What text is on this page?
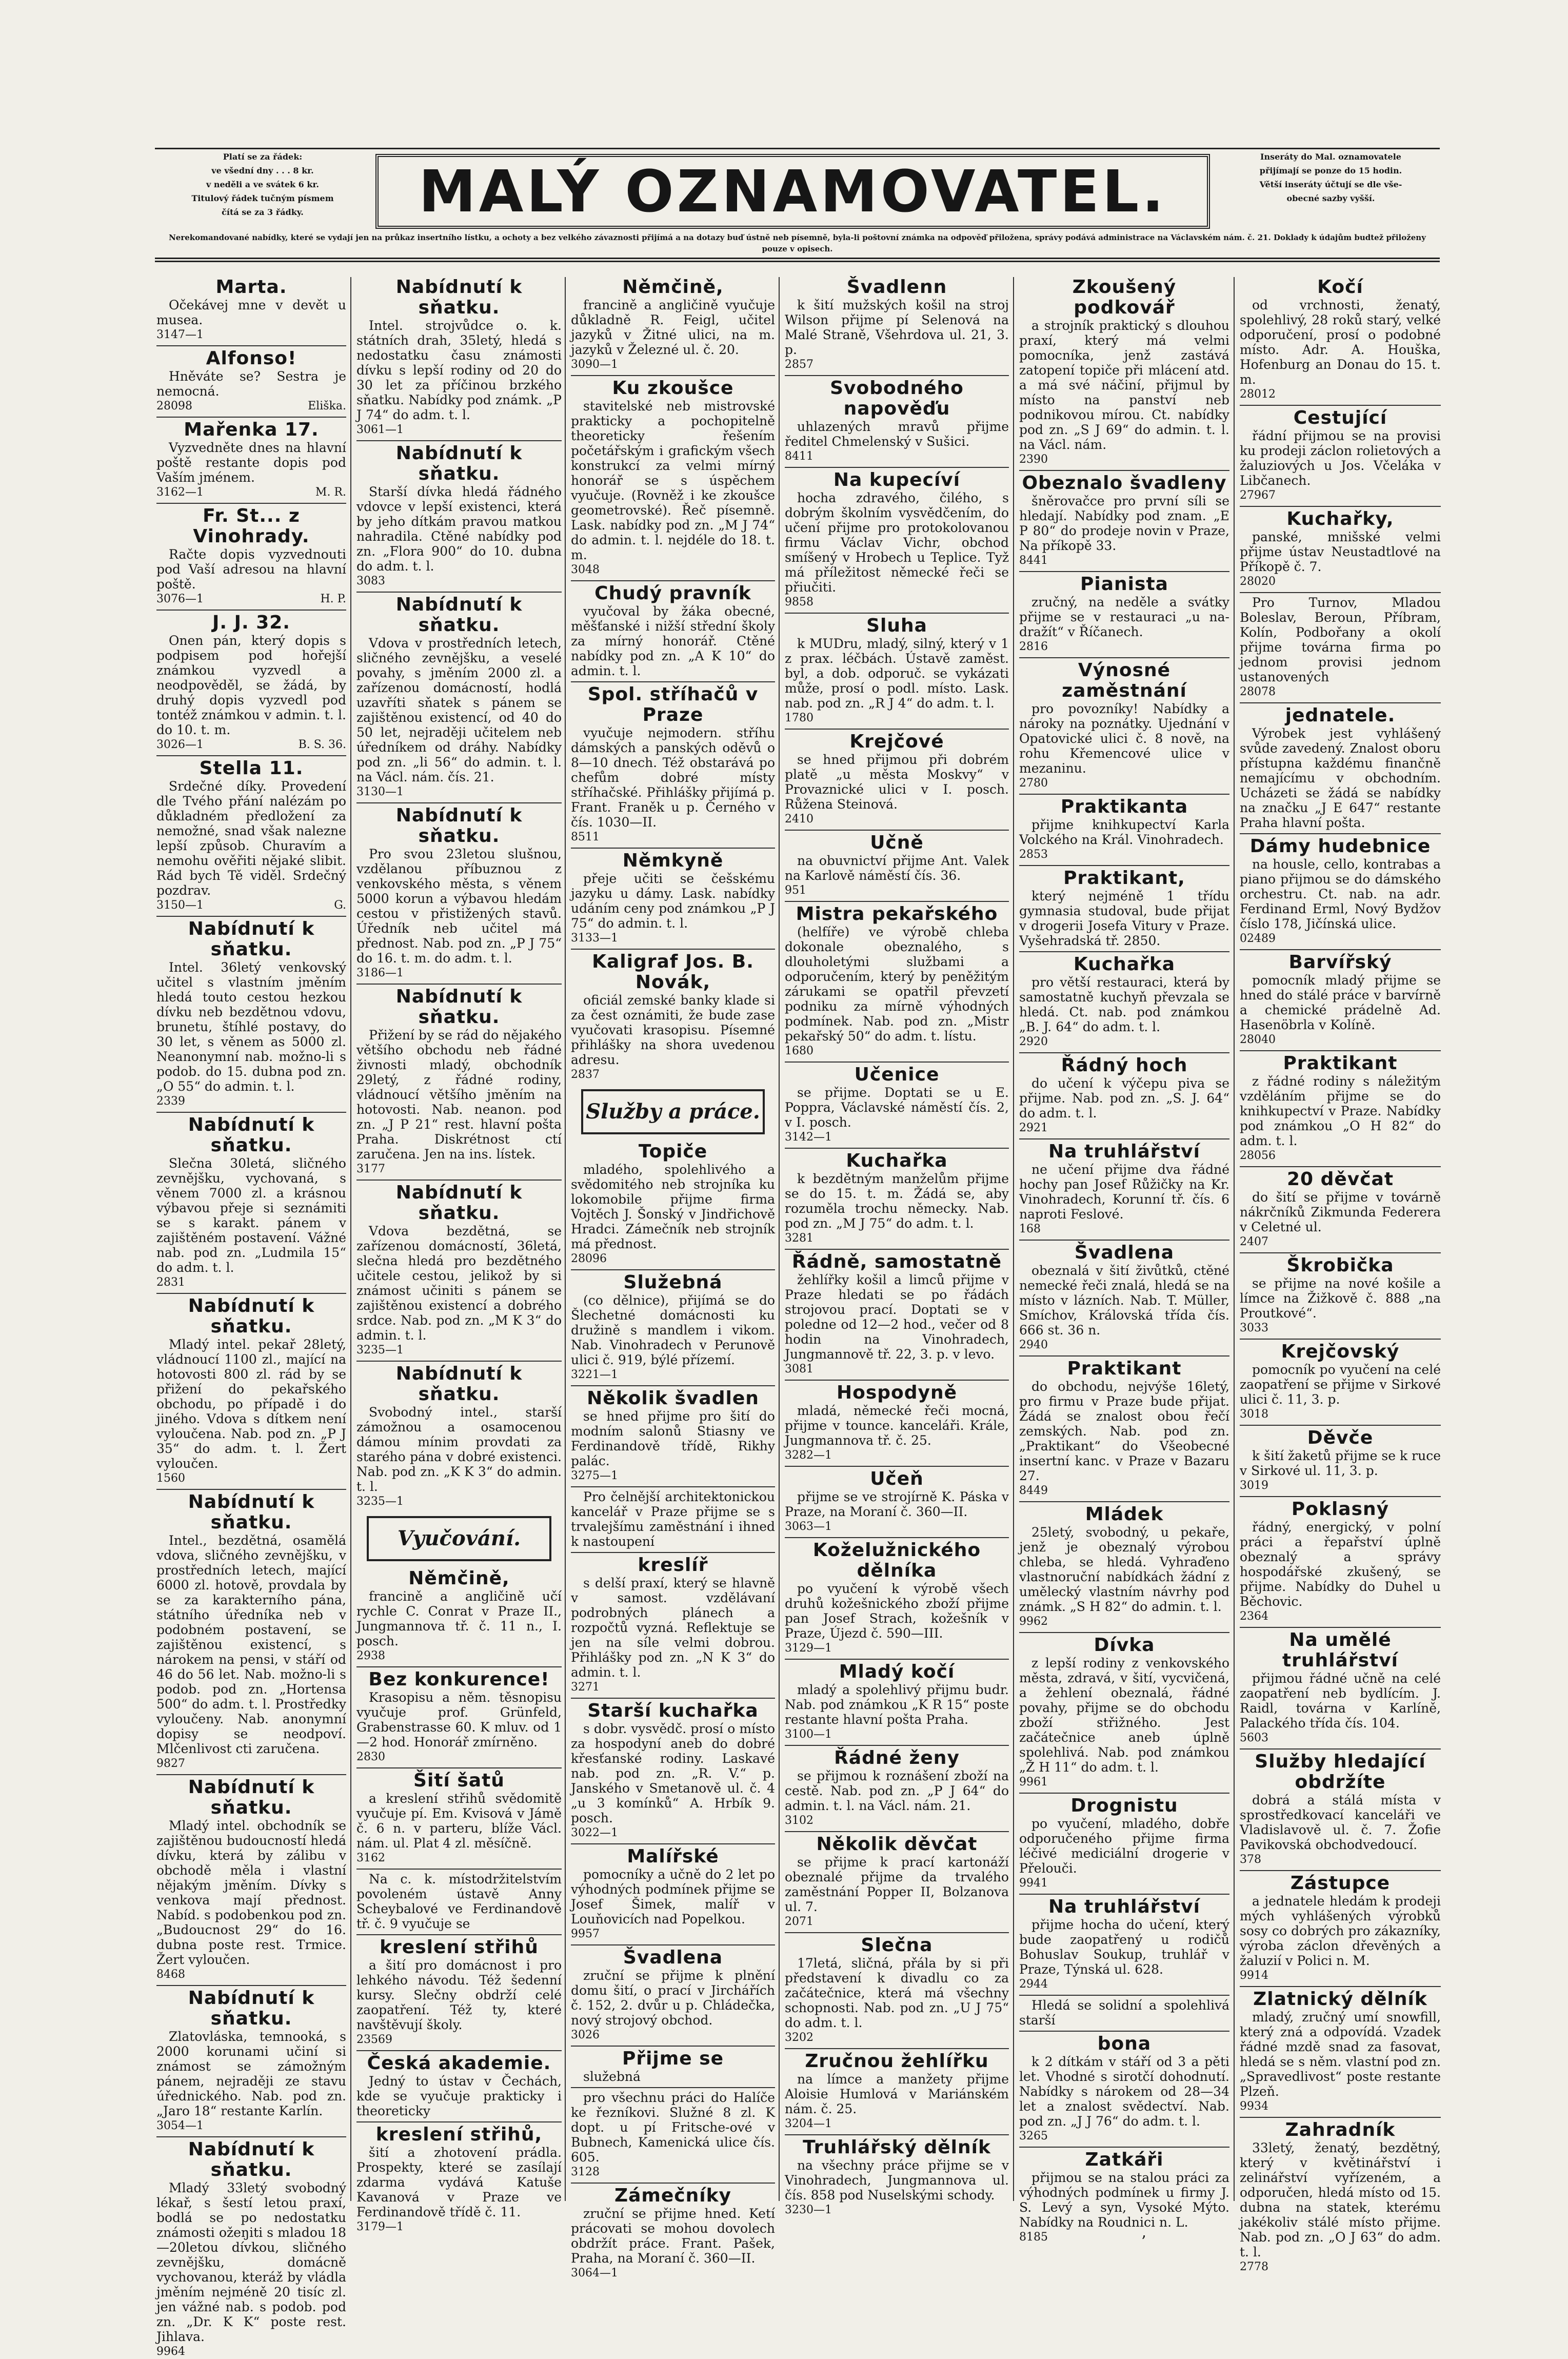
Platí se za řádek:
ve všední dny . . . 8 kr.
v neděli a ve svátek 6 kr.
Titulový řádek tučným písmem
čítá se za 3 řádky.	MALÝ OZNAMOVATEL.
Inseráty do Mal. oznamovatele
přijímají se ponze do 15 hodin.
Větší inseráty účtují se dle vše-
obecné sazby vyšší.
Nerekomandované nabídky, které se vydají jen na průkaz insertního lístku, a ochoty a bez velkého závaznosti přijímá a na dotazy buď ústně neb písemně, byla-li poštovní známka na odpověď přiložena, správy podává administrace na Václavském nám. č. 21. Doklady k údajům budtež přiloženy pouze v opisech.
Marta.

Očekávej mne v devět u musea.

3147—1
Alfonso!

Hněváte se? Sestra je nemocná.

28098	Eliška.
Mařenka 17.

Vyzvedněte dnes na hlavní poště restante dopis pod Vaším jménem.

3162—1	M. R.
Fr. St... z Vinohrady.

Račte dopis vyzvednouti pod Vaší adresou na hlavní poště.

3076—1	H. P.
J. J. 32.

Onen pán, který dopis s podpisem pod hořejší známkou vyzvedl a neodpověděl, se žádá, by druhý dopis vyzvedl pod tontéž známkou v admin. t. l. do 10. t. m.

3026—1	B. S. 36.
Stella 11.

Srdečné díky. Provedení dle Tvého přání nalézám po důkladném předložení za nemožné, snad však nalezne lepší způsob. Churavím a nemohu ověřiti nějaké slibit. Rád bych Tě viděl. Srdečný pozdrav.

3150—1	G.
Nabídnutí k sňatku.

Intel. 36letý venkovský učitel s vlastním jměním hledá touto cestou hezkou dívku neb bezdětnou vdovu, brunetu, štíhlé postavy, do 30 let, s věnem as 5000 zl. Neanonymní nab. možno-li s podob. do 15. dubna pod zn. „O 55“ do admin. t. l.

2339
Nabídnutí k sňatku.

Slečna 30letá, sličného zevnějšku, vychovaná, s věnem 7000 zl. a krásnou výbavou přeje si seznámiti se s karakt. pánem v zajištěném postavení. Vážné nab. pod zn. „Ludmila 15“ do adm. t. l.

2831
Nabídnutí k sňatku.

Mladý intel. pekař 28letý, vládnoucí 1100 zl., mající na hotovosti 800 zl. rád by se přižení do pekařského obchodu, po případě i do jiného. Vdova s dítkem není vyloučena. Nab. pod zn. „P J 35“ do adm. t. l. Žert vyloučen.

1560
Nabídnutí k sňatku.

Intel., bezdětná, osamělá vdova, sličného zevnějšku, v prostředních letech, mající 6000 zl. hotově, provdala by se za karakterního pána, státního úředníka neb v podobném postavení, se zajištěnou existencí, s nárokem na pensi, v stáří od 46 do 56 let. Nab. možno-li s podob. pod zn. „Hortensa 500“ do adm. t. l. Prostředky vyloučeny. Nab. anonymní dopisy se neodpoví. Mlčenlivost cti zaručena.

9827
Nabídnutí k sňatku.

Mladý intel. obchodník se zajištěnou budoucností hledá dívku, která by zálibu v obchodě měla i vlastní nějakým jměním. Dívky s venkova mají přednost. Nabíd. s podobenkou pod zn. „Budoucnost 29“ do 16. dubna poste rest. Trmice. Žert vyloučen.

8468
Nabídnutí k sňatku.

Zlatovláska, temnooká, s 2000 korunami učiní si známost se zámožným pánem, nejraději ze stavu úřednického. Nab. pod zn. „Jaro 18“ restante Karlín.

3054—1
Nabídnutí k sňatku.

Mladý 33letý svobodný lékař, s šestí letou praxí, bodlá se po nedostatku známosti ožeŋiti s mladou 18—20letou dívkou, sličného zevnějšku, domácně vychovanou, kteráž by vládla jměním nejméně 20 tisíc zl. jen vážné nab. s podob. pod zn. „Dr. K K“ poste rest. Jihlava.

9964
Nabídnutí k sňatku.

Intel. strojvůdce o. k. státních drah, 35letý, hledá s nedostatku času známosti dívku s lepší rodiny od 20 do 30 let za příčinou brzkého sňatku. Nabídky pod známk. „P J 74“ do adm. t. l.

3061—1
Nabídnutí k sňatku.

Starší dívka hledá řádného vdovce v lepší existenci, která by jeho dítkám pravou matkou nahradila. Ctěné nabídky pod zn. „Flora 900“ do 10. dubna do adm. t. l.

3083
Nabídnutí k sňatku.

Vdova v prostředních letech, sličného zevnějšku, a veselé povahy, s jměním 2000 zl. a zařízenou domácností, hodlá uzavříti sňatek s pánem se zajištěnou existencí, od 40 do 50 let, nejraději učitelem neb úředníkem od dráhy. Nabídky pod zn. „li 56“ do admin. t. l. na Václ. nám. čís. 21.

3130—1
Nabídnutí k sňatku.

Pro svou 23letou slušnou, vzdělanou příbuznou z venkovského města, s věnem 5000 korun a výbavou hledám cestou v přistižených stavů. Úředník neb učitel má přednost. Nab. pod zn. „P J 75“ do 16. t. m. do adm. t. l.

3186—1
Nabídnutí k sňatku.

Přižení by se rád do nějakého většího obchodu neb řádné živnosti mladý, obchodník 29letý, z řádné rodiny, vládnoucí většího jměním na hotovosti. Nab. neanon. pod zn. „J P 21“ rest. hlavní pošta Praha. Diskrétnost ctí zaručena. Jen na ins. lístek.

3177
Nabídnutí k sňatku.

Vdova bezdětná, se zařízenou domácností, 36letá, slečna hledá pro bezdětného učitele cestou, jelikož by si známost učiniti s pánem se zajištěnou existencí a dobrého srdce. Nab. pod zn. „M K 3“ do admin. t. l.

3235—1
Nabídnutí k sňatku.

Svobodný intel., starší zámožnou a osamocenou dámou mínim provdati za starého pána v dobré existenci. Nab. pod zn. „K K 3“ do admin. t. l.

3235—1
Vyučování.
Němčině,

francině a angličině učí rychle C. Conrat v Praze II., Jungmannova tř. č. 11 n., I. posch.

2938
Bez konkurence!

Krasopisu a něm. těsnopisu vyučuje prof. Grünfeld, Grabenstrasse 60. K mluv. od 1—2 hod. Honorář zmírněno.

2830
Šití šatů

a kreslení střihů svědomitě vyučuje pí. Em. Kvisová v Jámě č. 6 n. v parteru, blíže Václ. nám. ul. Plat 4 zl. měsíčně.

3162

Na c. k. místodržitelstvím povoleném ústavě Anny Scheybalové ve Ferdinandově tř. č. 9 vyučuje se

kreslení střihů

a šití pro domácnost i pro lehkého návodu. Též šedenní kursy. Slečny obdrží celé zaopatření. Též ty, které navštěvují školy.

23569
Česká akademie.

Jedný to ústav v Čechách, kde se vyučuje prakticky i theoreticky

kreslení střihů,

šití a zhotovení prádla. Prospekty, které se zasílají zdarma vydává Katuše Kavanová v Praze ve Ferdinandově třídě č. 11.

3179—1
Němčině,

francině a angličině vyučuje důkladně R. Feigl, učitel jazyků v Žitné ulici, na m. jazyků v Železné ul. č. 20.

3090—1
Ku zkoušce

stavitelské neb mistrovské prakticky a pochopitelně theoreticky řešením početářským i grafickým všech konstrukcí za velmi mírný honorář se s úspěchem vyučuje. (Rovněž i ke zkoušce geometrovské). Řeč písemně. Lask. nabídky pod zn. „M J 74“ do admin. t. l. nejdéle do 18. t. m.

3048
Chudý pravník

vyučoval by žáka obecné, měšťanské i nižší střední školy za mírný honorář. Ctěné nabídky pod zn. „A K 10“ do admin. t. l.

Spol. stříhačů v Praze

vyučuje nejmodern. stříhu dámských a panských oděvů o 8—10 dnech. Též obstarává po chefům dobré místy stříhačské. Přihlášky přijímá p. Frant. Franěk u p. Černého v čís. 1030—II.

8511
Němkyně

přeje učiti se češskému jazyku u dámy. Lask. nabídky udáním ceny pod známkou „P J 75“ do admin. t. l.

3133—1
Kaligraf Jos. B. Novák,

oficiál zemské banky klade si za čest oznámiti, že bude zase vyučovati krasopisu. Písemné přihlášky na shora uvedenou adresu.

2837
Služby a práce.
Topiče

mladého, spolehlivého a svědomitého neb strojníka ku lokomobile přijme firma Vojtěch J. Šonský v Jindřichově Hradci. Zámečník neb strojník má přednost.

28096
Služebná

(co dělnice), přijímá se do Šlechetné domácnosti ku družině s mandlem i vikom. Nab. Vinohradech v Perunově ulici č. 919, býlé přízemí.

3221—1
Několik švadlen

se hned přijme pro šití do modním salonů Stiasny ve Ferdinandově třídě, Rikhy palác.

3275—1

Pro čelnější architektonickou kancelář v Praze přijme se s trvalejšímu zaměstnání i ihned k nastoupení

kreslíř

s delší praxí, který se hlavně v samost. vzdělávaní podrobných plánech a rozpočtů vyzná. Reflektuje se jen na síle velmi dobrou. Přihlášky pod zn. „N K 3“ do admin. t. l.

3271
Starší kuchařka

s dobr. vysvědč. prosí o místo za hospodyní aneb do dobré křesťanské rodiny. Laskavé nab. pod zn. „R. V.“ p. Janského v Smetanově ul. č. 4 „u 3 komínků“ A. Hrbík 9. posch.

3022—1
Malířské

pomocníky a učně do 2 let po výhodných podmínek přijme se Josef Šimek, malíř v Louňovicích nad Popelkou.

9957
Švadlena

zruční se přijme k plnění domu šití, o prací v Jirchářích č. 152, 2. dvůr u p. Chládečka, nový strojový obchod.

3026
Přijme se

služebná

pro všechnu práci do Halíče ke řezníkovi. Služné 8 zl. K dopt. u pí Fritsche-ové v Bubnech, Kamenická ulice čís. 605.

3128
Zámečníky

zruční se přijme hned. Ketí prácovati se mohou dovolech obdržít práce. Frant. Pašek, Praha, na Moraní č. 360—II.

3064—1
Švadlenn

k šití mužských košil na stroj Wilson přijme pí Selenová na Malé Straně, Všehrdova ul. 21, 3. p.

2857
Svobodného napověďu

uhlazených mravů přijme ředitel Chmelenský v Sušici.

8411
Na kupecíví

hocha zdravého, čilého, s dobrým školním vysvědčením, do učení přijme pro protokolovanou firmu Václav Vichr, obchod smíšený v Hrobech u Teplice. Tyž má příležitost německé řeči se přiučiti.

9858
Sluha

k MUDru, mladý, silný, který v 1 z prax. léčbách. Ústavě zaměst. byl, a dob. odporuč. se vykázati může, prosí o podl. místo. Lask. nab. pod zn. „R J 4“ do adm. t. l.

1780
Krejčové

se hned přijmou při dobrém platě „u města Moskvy“ v Provaznické ulici v I. posch. Růžena Steinová.

2410
Učně

na obuvnictví přijme Ant. Valek na Karlově náměstí čís. 36.

951
Mistra pekařského

(helfíře) ve výrobě chleba dokonale obeznalého, s dlouholetými službami a odporučením, který by peněžitým zárukami se opatřil převzetí podniku za mírně výhodných podmínek. Nab. pod zn. „Mistr pekařský 50“ do adm. t. lístu.

1680
Učenice

se přijme. Doptati se u E. Poppra, Václavské náměstí čís. 2, v I. posch.

3142—1
Kuchařka

k bezdětným manželům přijme se do 15. t. m. Žádá se, aby rozuměla trochu německy. Nab. pod zn. „M J 75“ do adm. t. l.

3281
Řádně, samostatně

žehlířky košil a limců přijme v Praze hledati se po řádách strojovou prací. Doptati se v poledne od 12—2 hod., večer od 8 hodin na Vinohradech, Jungmannově tř. 22, 3. p. v levo.

3081
Hospodyně

mladá, německé řeči mocná, přijme v tounce. kanceláři. Krále, Jungmannova tř. č. 25.

3282—1
Učeň

přijme se ve strojírně K. Páska v Praze, na Moraní č. 360—II.

3063—1
Koželužnického dělníka

po vyučení k výrobě všech druhů kožešnického zboží přijme pan Josef Strach, kožešník v Praze, Újezd č. 590—III.

3129—1
Mladý kočí

mladý a spolehlivý přijmu budr. Nab. pod známkou „K R 15“ poste restante hlavní pošta Praha.

3100—1
Řádné ženy

se přijmou k roznášení zboží na cestě. Nab. pod zn. „P J 64“ do admin. t. l. na Václ. nám. 21.

3102
Několik děvčat

se přijme k prací kartonáží obeznalé přijme da trvalého zaměstnání Popper II, Bolzanova ul. 7.

2071
Slečna

17letá, sličná, přála by si při představení k divadlu co za začátečnice, která má všechny schopnosti. Nab. pod zn. „U J 75“ do adm. t. l.

3202
Zručnou žehlířku

na límce a manžety přijme Aloisie Humlová v Mariánském nám. č. 25.

3204—1
Truhlářský dělník

na všechny práce přijme se v Vinohradech, Jungmannova ul. čís. 858 pod Nuselskými schody.

3230—1
Zkoušený podkovář

a strojník praktický s dlouhou praxí, který má velmi pomocníka, jenž zastává zatopení topiče při mlácení atd. a má své náčiní, přijmul by místo na panství neb podnikovou mírou. Ct. nabídky pod zn. „S J 69“ do admin. t. l. na Václ. nám.

2390
Obeznalo švadleny

šněrovačce pro první síli se hledají. Nabídky pod znam. „E P 80“ do prodeje novin v Praze, Na příkopě 33.

8441
Pianista

zručný, na neděle a svátky přijme se v restauraci „u na- dražít“ v Říčanech.

2816
Výnosné zaměstnání

pro povozníky! Nabídky a nároky na poznátky. Ujednání v Opatovické ulici č. 8 nově, na rohu Křemencové ulice v mezaninu.

2780
Praktikanta

přijme knihkupectví Karla Volckého na Král. Vinohradech.

2853
Praktikant,

který nejméně 1 třídu gymnasia studoval, bude přijat v drogerii Josefa Vitury v Praze. Vyšehradská tř. 2850.

Kuchařka

pro větší restauraci, která by samostatně kuchyň převzala se hledá. Ct. nab. pod známkou „B. J. 64“ do adm. t. l.

2920
Řádný hoch

do učení k výčepu piva se přijme. Nab. pod zn. „S. J. 64“ do adm. t. l.

2921
Na truhlářství

ne učení přijme dva řádné hochy pan Josef Růžičky na Kr. Vinohradech, Korunní tř. čís. 6 naproti Feslové.

168
Švadlena

obeznalá v šití živůtků, ctěné nemecké řeči znalá, hledá se na místo v lázních. Nab. T. Müller, Smíchov, Královská třída čís. 666 st. 36 n.

2940
Praktikant

do obchodu, nejvýše 16letý, pro firmu v Praze bude přijat. Žádá se znalost obou řečí zemských. Nab. pod zn. „Praktikant“ do Všeobecné insertní kanc. v Praze v Bazaru 27.

8449
Mládek

25letý, svobodný, u pekaře, jenž je obeznalý výrobou chleba, se hledá. Vyhraďeno vlastnoruční nabídkách žádní z umělecký vlastním návrhy pod známk. „S H 82“ do admin. t. l.

9962
Dívka

z lepší rodiny z venkovského města, zdravá, v šití, vycvičená, a žehlení obeznalá, řádné povahy, přijme se do obchodu zboží střižného. Jest začátečnice aneb úplně spolehlivá. Nab. pod známkou „Ž H 11“ do adm. t. l.

9961
Drognistu

po vyučení, mladého, dobře odporučeného přijme firma léčivé mediciální drogerie v Přelouči.

9941
Na truhlářství

přijme hocha do učení, který bude zaopatřený u rodičů Bohuslav Soukup, truhlář v Praze, Týnská ul. 628.

2944

Hledá se solidní a spolehlivá starší

bona

k 2 dítkám v stáří od 3 a pěti let. Vhodné s sirotčí dohodnutí. Nabídky s nárokem od 28—34 let a znalost svědectví. Nab. pod zn. „J J 76“ do adm. t. l.

3265
Zatkáři

přijmou se na stalou práci za výhodných podmínek u firmy J. S. Levý a syn, Vysoké Mýto. Nabídky na Roudnici n. L.

8185
Kočí

od vrchnosti, ženatý, spolehlivý, 28 roků starý, velké odporučení, prosí o podobné místo. Adr. A. Houška, Hofenburg an Donau do 15. t. m.

28012
Cestující

řádní přijmou se na provisi ku prodeji záclon rolietových a žaluziových u Jos. Včeláka v Libčanech.

27967
Kuchařky,

panské, mnišské velmi přijme ústav Neustadtlové na Příkopě č. 7.

28020

Pro Turnov, Mladou Boleslav, Beroun, Příbram, Kolín, Podbořany a okolí přijme továrna firma po jednom provisi jednom ustanovených

28078
jednatele.

Výrobek jest vyhlášený svůde zavedený. Znalost oboru přístupna každému finančně nemajícímu v obchodním. Ucházeti se žádá se nabídky na značku „J E 647“ restante Praha hlavní pošta.

Dámy hudebnice

na housle, cello, kontrabas a piano přijmou se do dámského orchestru. Ct. nab. na adr. Ferdinand Erml, Nový Bydžov číslo 178, Jičínská ulice.

02489
Barvířský

pomocník mladý přijme se hned do stálé práce v barvírně a chemické prádelně Ad. Hasenöbrla v Kolíně.

28040
Praktikant

z řádné rodiny s náležitým vzděláním přijme se do knihkupectví v Praze. Nabídky pod známkou „O H 82“ do adm. t. l.

28056
20 děvčat

do šití se přijme v továrně nákrčníků Zikmunda Federera v Celetné ul.

2407
Škrobička

se přijme na nové košile a límce na Žižkově č. 888 „na Proutkové“.

3033
Krejčovský

pomocník po vyučení na celé zaopatření se přijme v Sirkové ulici č. 11, 3. p.

3018
Děvče

k šití žaketů přijme se k ruce v Sirkové ul. 11, 3. p.

3019
Poklasný

řádný, energický, v polní práci a řepařství úplně obeznalý a správy hospodářské zkušený, se přijme. Nabídky do Duhel u Běchovic.

2364
Na umělé truhlářství

přijmou řádné učně na celé zaopatření neb bydlícím. J. Raidl, továrna v Karlíně, Palackého třída čís. 104.

5603
Služby hledající obdržíte

dobrá a stálá místa v sprostředkovací kanceláři ve Vladislavově ul. č. 7. Žofie Pavikovská obchodvedoucí.

378
Zástupce

a jednatele hledám k prodeji mých vyhlášených výrobků sosy co dobrých pro zákazníky, výroba záclon dřevěných a žaluzií v Polici n. M.

9914
Zlatnický dělník

mladý, zručný umí snowfill, který zná a odpovídá. Vzadek řádné mzdě snad za fasovat, hledá se s něm. vlastní pod zn. „Spravedlivost“ poste restante Plzeň.

9934
Zahradník

33letý, ženatý, bezdětný, který v květinářství i zelinářství vyřízeném, a odporučen, hledá místo od 15. dubna na statek, kterému jakékoliv stálé místo přijme. Nab. pod zn. „O J 63“ do adm. t. l.

2778
’
